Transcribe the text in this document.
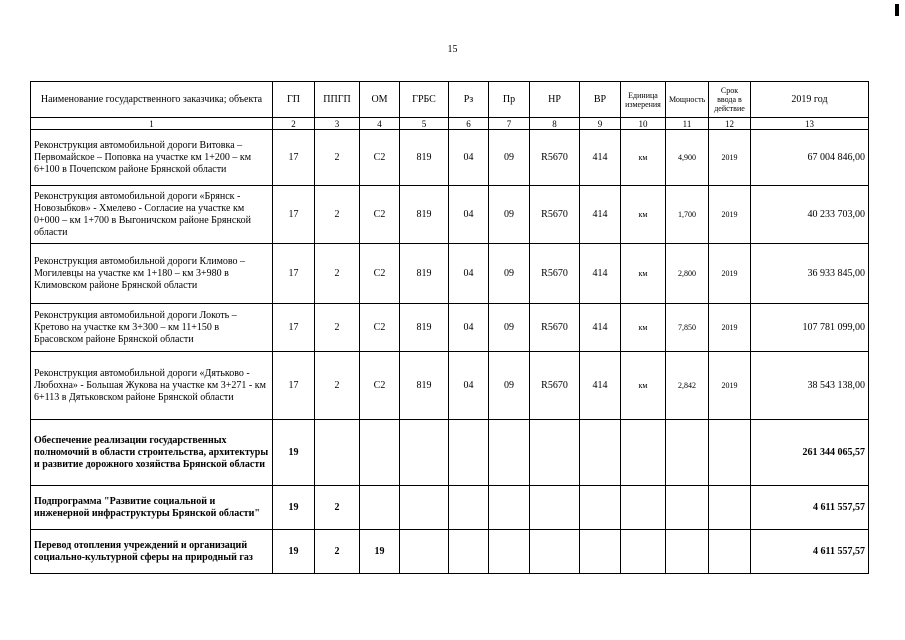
15
Наименование государственного заказчика; объекта	ГП	ППГП	ОМ	ГРБС	Рз	Пр	НР	ВР	Единица измерения	Мощность	Срок ввода в действие	2019 год
1	2	3	4	5	6	7	8	9	10	11	12	13
Реконструкция автомобильной дороги Витовка – Первомайское – Поповка на участке км 1+200 – км 6+100 в Почепском районе Брянской области	17	2	С2	819	04	09	R5670	414	км	4,900	2019	67 004 846,00
Реконструкция автомобильной дороги «Брянск - Новозыбков» - Хмелево - Согласие на участке км 0+000 – км 1+700 в Выгоничском районе Брянской области	17	2	С2	819	04	09	R5670	414	км	1,700	2019	40 233 703,00
Реконструкция автомобильной дороги Климово – Могилевцы на участке км 1+180 – км 3+980 в Климовском районе Брянской области	17	2	С2	819	04	09	R5670	414	км	2,800	2019	36 933 845,00
Реконструкция автомобильной дороги Локоть – Кретово на участке км 3+300 – км 11+150 в Брасовском районе Брянской области	17	2	С2	819	04	09	R5670	414	км	7,850	2019	107 781 099,00
Реконструкция автомобильной дороги «Дятьково - Любохна» - Большая Жукова на участке км 3+271 - км 6+113 в Дятьковском районе Брянской области	17	2	С2	819	04	09	R5670	414	км	2,842	2019	38 543 138,00
Обеспечение реализации государственных полномочий в области строительства, архитектуры и развитие дорожного хозяйства Брянской области	19											261 344 065,57
Подпрограмма "Развитие социальной и инженерной инфраструктуры Брянской области"	19	2										4 611 557,57
Перевод отопления учреждений и организаций социально-культурной сферы на природный газ	19	2	19									4 611 557,57
